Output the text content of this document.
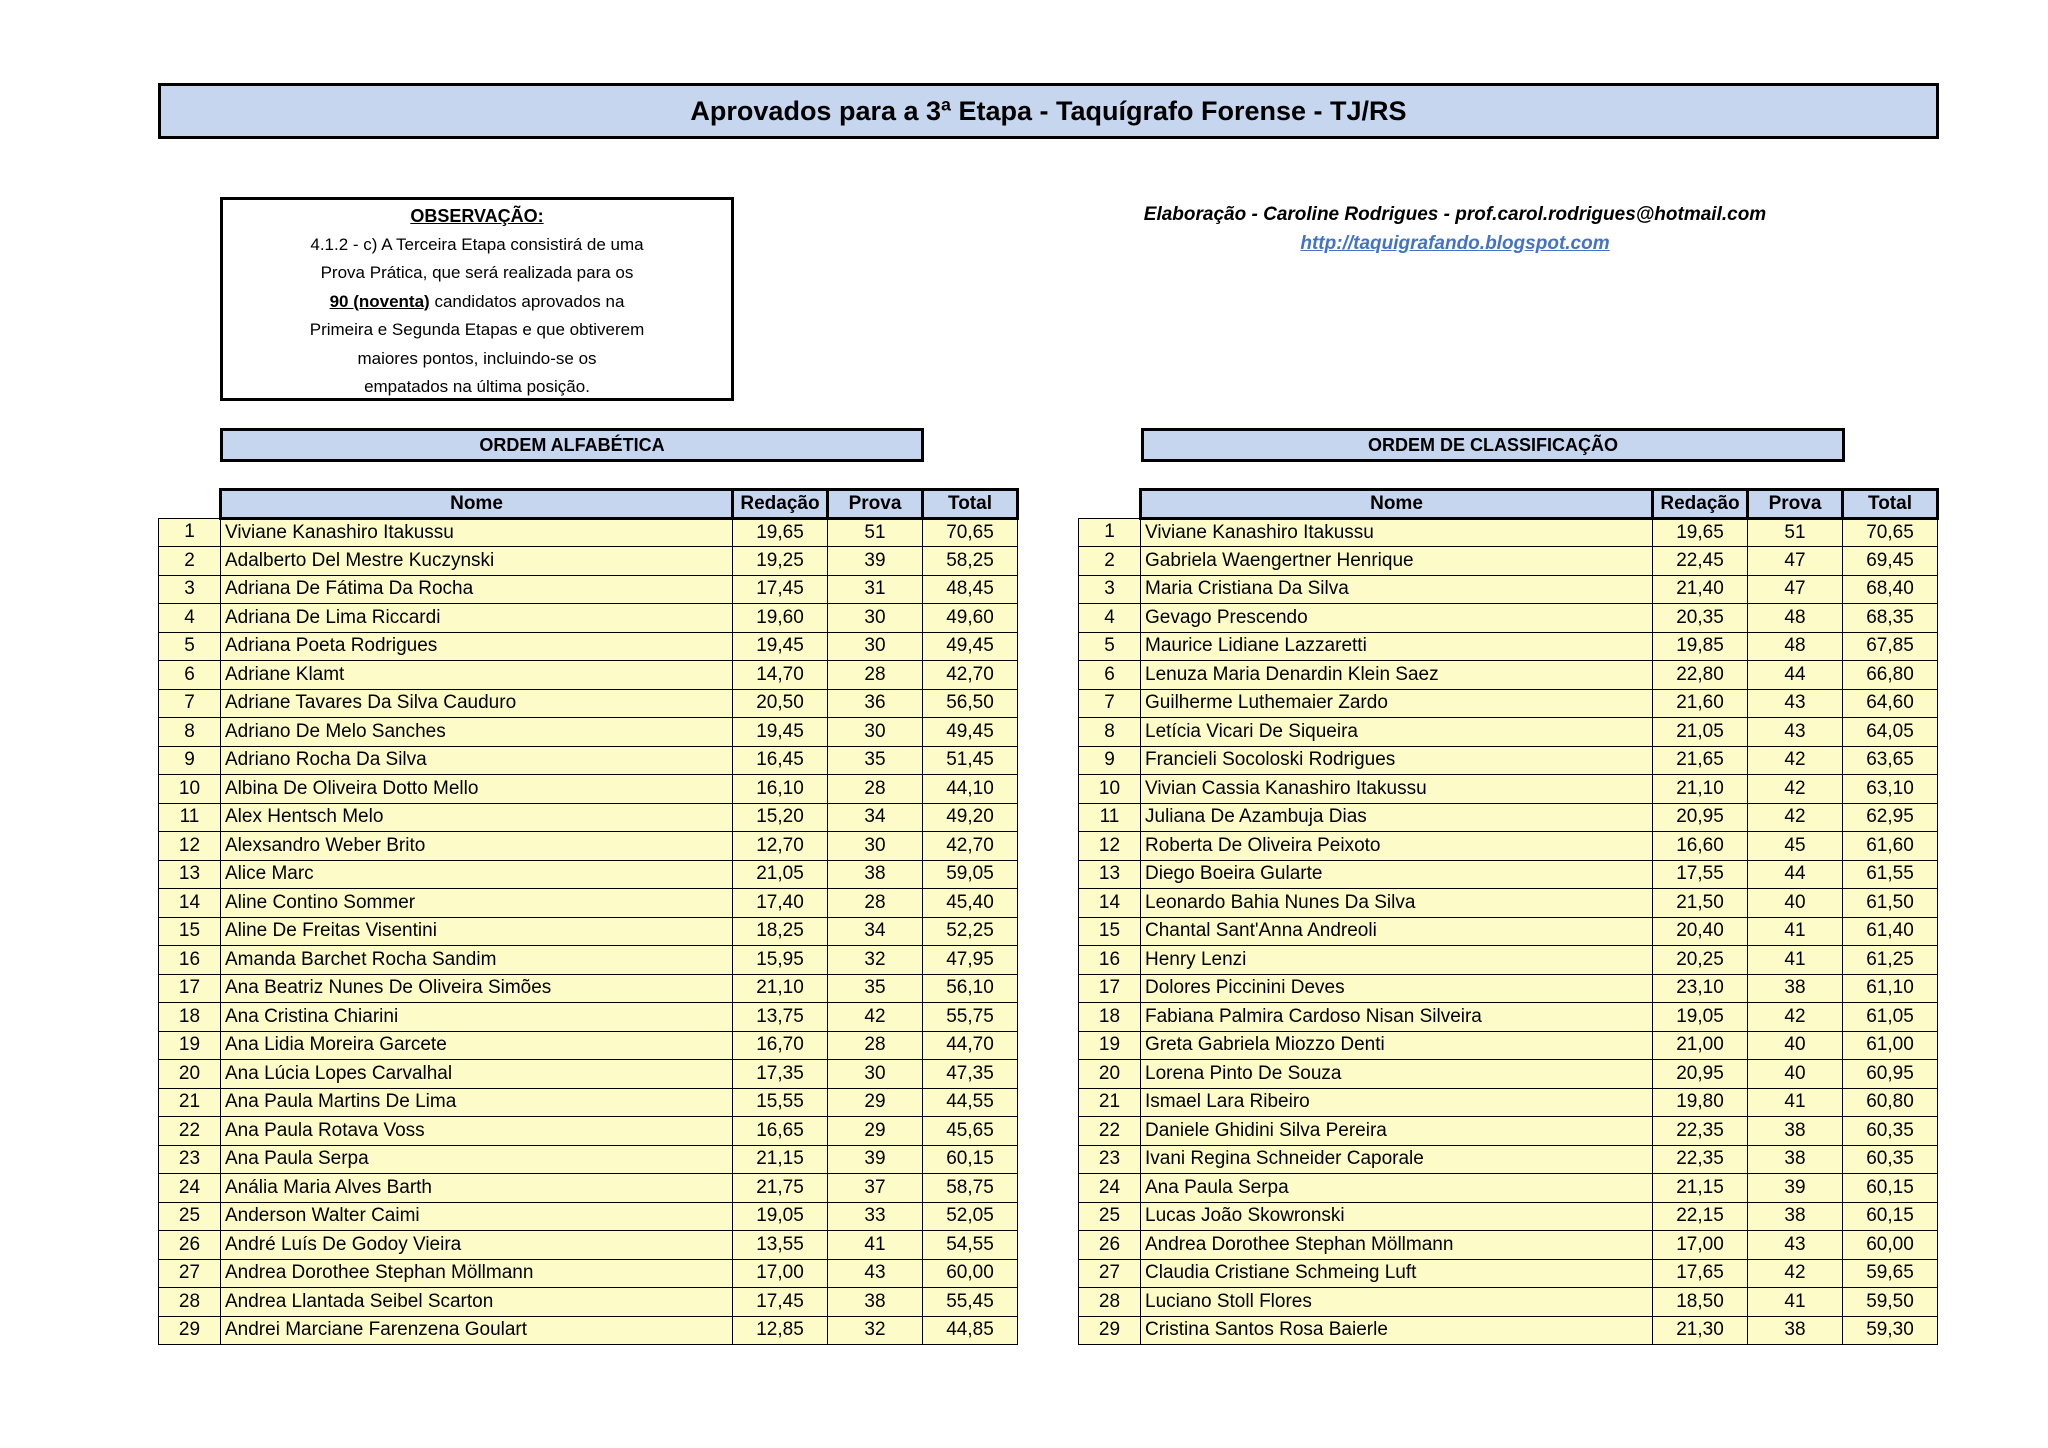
Aprovados para a 3ª Etapa - Taquígrafo Forense - TJ/RS
OBSERVAÇÃO:
4.1.2 - c) A Terceira Etapa consistirá de uma
Prova Prática, que será realizada para os
90 (noventa) candidatos aprovados na
Primeira e Segunda Etapas e que obtiverem
maiores pontos, incluindo-se os
empatados na última posição.
Elaboração - Caroline Rodrigues - prof.carol.rodrigues@hotmail.com
http://taquigrafando.blogspot.com
ORDEM ALFABÉTICA	ORDEM DE CLASSIFICAÇÃO
	Nome	Redação	Prova	Total
1	Viviane Kanashiro Itakussu	19,65	51	70,65
2	Adalberto Del Mestre Kuczynski	19,25	39	58,25
3	Adriana De Fátima Da Rocha	17,45	31	48,45
4	Adriana De Lima Riccardi	19,60	30	49,60
5	Adriana Poeta Rodrigues	19,45	30	49,45
6	Adriane Klamt	14,70	28	42,70
7	Adriane Tavares Da Silva Cauduro	20,50	36	56,50
8	Adriano De Melo Sanches	19,45	30	49,45
9	Adriano Rocha Da Silva	16,45	35	51,45
10	Albina De Oliveira Dotto Mello	16,10	28	44,10
11	Alex Hentsch Melo	15,20	34	49,20
12	Alexsandro Weber Brito	12,70	30	42,70
13	Alice Marc	21,05	38	59,05
14	Aline Contino Sommer	17,40	28	45,40
15	Aline De Freitas Visentini	18,25	34	52,25
16	Amanda Barchet Rocha Sandim	15,95	32	47,95
17	Ana Beatriz Nunes De Oliveira Simões	21,10	35	56,10
18	Ana Cristina Chiarini	13,75	42	55,75
19	Ana Lidia Moreira Garcete	16,70	28	44,70
20	Ana Lúcia Lopes Carvalhal	17,35	30	47,35
21	Ana Paula Martins De Lima	15,55	29	44,55
22	Ana Paula Rotava Voss	16,65	29	45,65
23	Ana Paula Serpa	21,15	39	60,15
24	Anália Maria Alves Barth	21,75	37	58,75
25	Anderson Walter Caimi	19,05	33	52,05
26	André Luís De Godoy Vieira	13,55	41	54,55
27	Andrea Dorothee Stephan Möllmann	17,00	43	60,00
28	Andrea Llantada Seibel Scarton	17,45	38	55,45
29	Andrei Marciane Farenzena Goulart	12,85	32	44,85
	Nome	Redação	Prova	Total
1	Viviane Kanashiro Itakussu	19,65	51	70,65
2	Gabriela Waengertner Henrique	22,45	47	69,45
3	Maria Cristiana Da Silva	21,40	47	68,40
4	Gevago Prescendo	20,35	48	68,35
5	Maurice Lidiane Lazzaretti	19,85	48	67,85
6	Lenuza Maria Denardin Klein Saez	22,80	44	66,80
7	Guilherme Luthemaier Zardo	21,60	43	64,60
8	Letícia Vicari De Siqueira	21,05	43	64,05
9	Francieli Socoloski Rodrigues	21,65	42	63,65
10	Vivian Cassia Kanashiro Itakussu	21,10	42	63,10
11	Juliana De Azambuja Dias	20,95	42	62,95
12	Roberta De Oliveira Peixoto	16,60	45	61,60
13	Diego Boeira Gularte	17,55	44	61,55
14	Leonardo Bahia Nunes Da Silva	21,50	40	61,50
15	Chantal Sant'Anna Andreoli	20,40	41	61,40
16	Henry Lenzi	20,25	41	61,25
17	Dolores Piccinini Deves	23,10	38	61,10
18	Fabiana Palmira Cardoso Nisan Silveira	19,05	42	61,05
19	Greta Gabriela Miozzo Denti	21,00	40	61,00
20	Lorena Pinto De Souza	20,95	40	60,95
21	Ismael Lara Ribeiro	19,80	41	60,80
22	Daniele Ghidini Silva Pereira	22,35	38	60,35
23	Ivani Regina Schneider Caporale	22,35	38	60,35
24	Ana Paula Serpa	21,15	39	60,15
25	Lucas João Skowronski	22,15	38	60,15
26	Andrea Dorothee Stephan Möllmann	17,00	43	60,00
27	Claudia Cristiane Schmeing Luft	17,65	42	59,65
28	Luciano Stoll Flores	18,50	41	59,50
29	Cristina Santos Rosa Baierle	21,30	38	59,30
